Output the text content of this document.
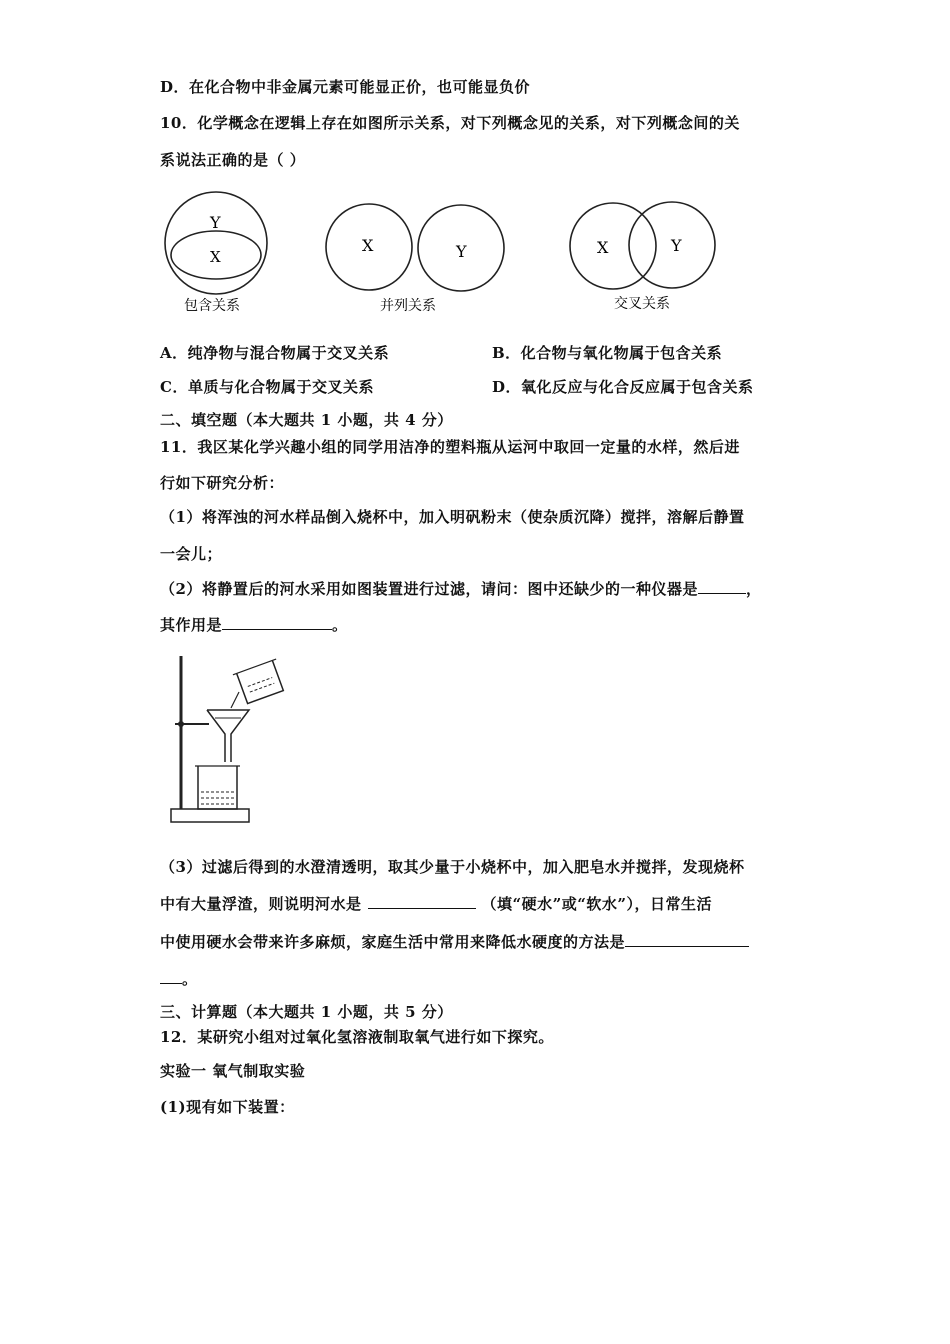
D．在化合物中非金属元素可能显正价，也可能显负价
10．化学概念在逻辑上存在如图所示关系，对下列概念见的关系，对下列概念间的关
系说法正确的是（ ）
Y
X
包含关系
X	Y
并列关系
X	Y
交叉关系
A．纯净物与混合物属于交叉关系	B．化合物与氧化物属于包含关系
C．单质与化合物属于交叉关系	D．氧化反应与化合反应属于包含关系
二、填空题（本大题共 1 小题，共 4 分）
11．我区某化学兴趣小组的同学用洁净的塑料瓶从运河中取回一定量的水样，然后进
行如下研究分析：
（1）将浑浊的河水样品倒入烧杯中，加入明矾粉末（使杂质沉降）搅拌，溶解后静置
一会儿；
（2）将静置后的河水采用如图装置进行过滤，请问：图中还缺少的一种仪器是	，
其作用是	。
（3）过滤后得到的水澄清透明，取其少量于小烧杯中，加入肥皂水并搅拌，发现烧杯
中有大量浮渣，则说明河水是	（填“硬水”或“软水”），日常生活
中使用硬水会带来许多麻烦，家庭生活中常用来降低水硬度的方法是
。
三、计算题（本大题共 1 小题，共 5 分）
12．某研究小组对过氧化氢溶液制取氧气进行如下探究。
实验一 氧气制取实验
(1)现有如下装置：
